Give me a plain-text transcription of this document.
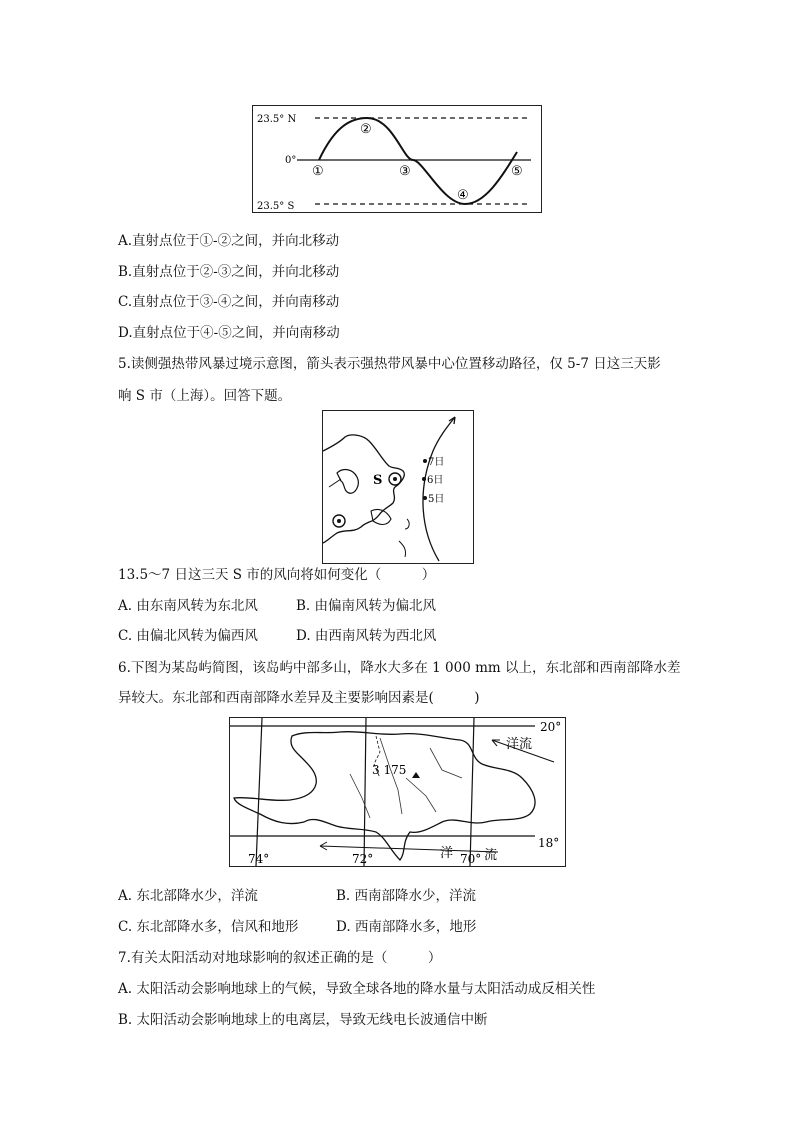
23.5° N
0°
23.5° S
①
②
③
④
⑤
A.直射点位于①-②之间，并向北移动
B.直射点位于②-③之间，并向北移动
C.直射点位于③-④之间，并向南移动
D.直射点位于④-⑤之间，并向南移动
5.读侧强热带风暴过境示意图，箭头表示强热带风暴中心位置移动路径，仅 5-7 日这三天影
响 S 市（上海）。回答下题。
S
7日
6日
5日
13.5～7 日这三天 S 市的风向将如何变化（　　　）
A. 由东南风转为东北风	B. 由偏南风转为偏北风
C. 由偏北风转为偏西风	D. 由西南风转为西北风
6.下图为某岛屿简图，该岛屿中部多山，降水大多在 1 000 mm 以上，东北部和西南部降水差
异较大。东北部和西南部降水差异及主要影响因素是(　　　)
3 175
20°
18°
74°	72°	70°
洋流
洋 流
A. 东北部降水少，洋流	B. 西南部降水少，洋流
C. 东北部降水多，信风和地形	D. 西南部降水多，地形
7.有关太阳活动对地球影响的叙述正确的是（　　　）
A. 太阳活动会影响地球上的气候，导致全球各地的降水量与太阳活动成反相关性
B. 太阳活动会影响地球上的电离层，导致无线电长波通信中断
